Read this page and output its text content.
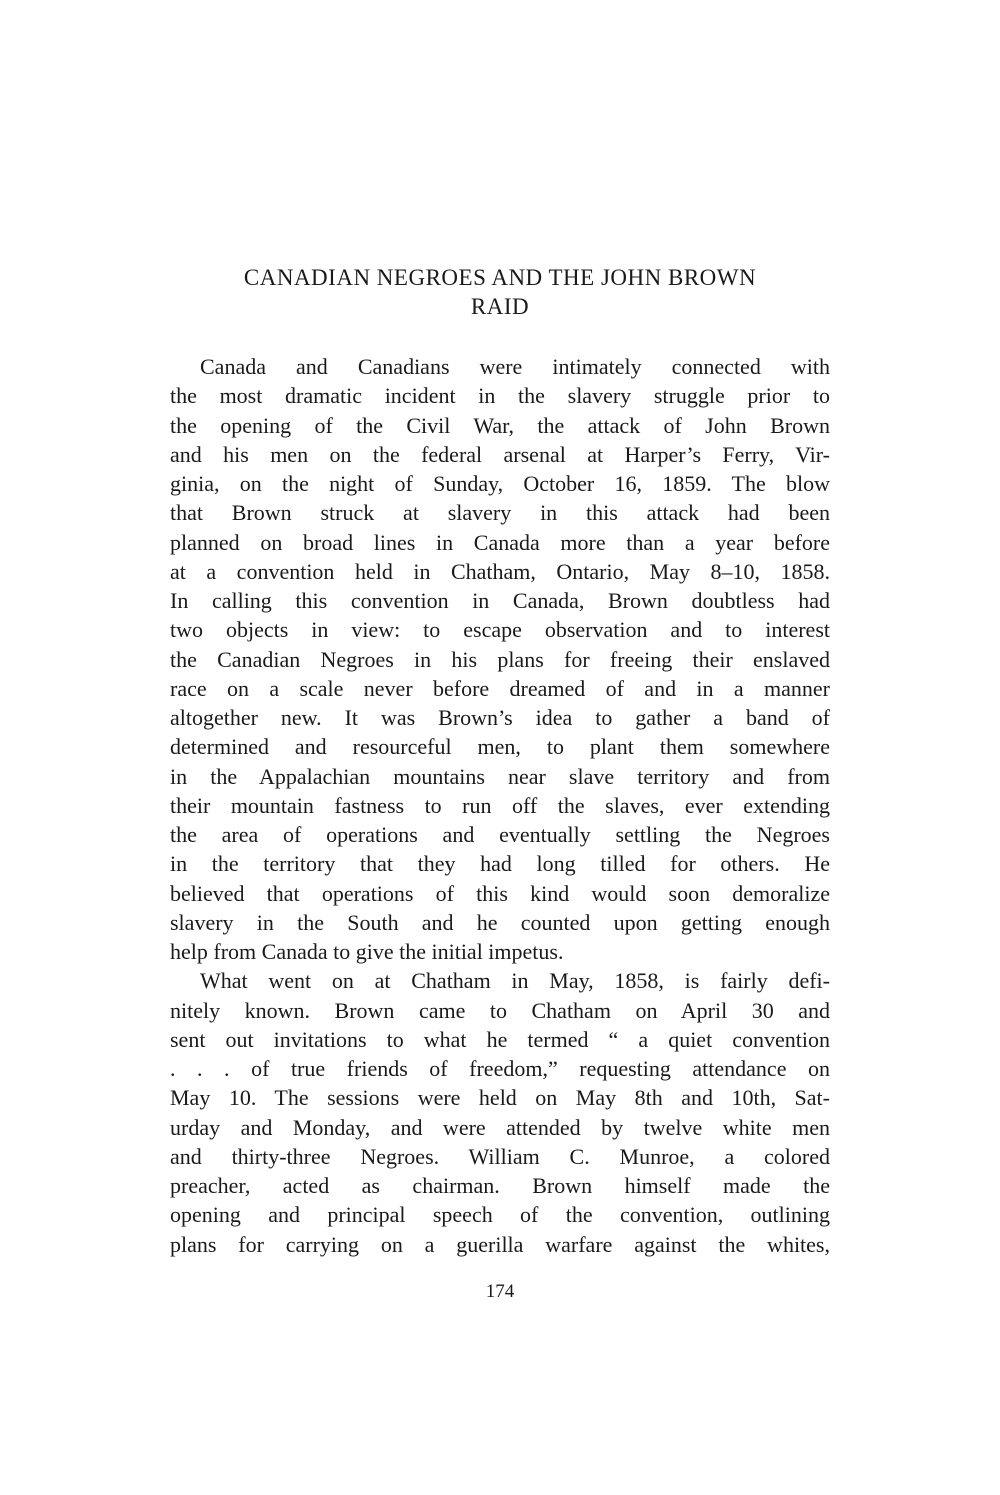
CANADIAN NEGROES AND THE JOHN BROWN
RAID
Canada and Canadians were intimately connected with
the most dramatic incident in the slavery struggle prior to
the opening of the Civil War, the attack of John Brown
and his men on the federal arsenal at Harper’s Ferry, Vir-
ginia, on the night of Sunday, October 16, 1859. The blow
that Brown struck at slavery in this attack had been
planned on broad lines in Canada more than a year before
at a convention held in Chatham, Ontario, May 8–10, 1858.
In calling this convention in Canada, Brown doubtless had
two objects in view: to escape observation and to interest
the Canadian Negroes in his plans for freeing their enslaved
race on a scale never before dreamed of and in a manner
altogether new. It was Brown’s idea to gather a band of
determined and resourceful men, to plant them somewhere
in the Appalachian mountains near slave territory and from
their mountain fastness to run off the slaves, ever extending
the area of operations and eventually settling the Negroes
in the territory that they had long tilled for others. He
believed that operations of this kind would soon demoralize
slavery in the South and he counted upon getting enough
help from Canada to give the initial impetus.
What went on at Chatham in May, 1858, is fairly defi-
nitely known. Brown came to Chatham on April 30 and
sent out invitations to what he termed “ a quiet convention
. . . of true friends of freedom,” requesting attendance on
May 10. The sessions were held on May 8th and 10th, Sat-
urday and Monday, and were attended by twelve white men
and thirty-three Negroes. William C. Munroe, a colored
preacher, acted as chairman. Brown himself made the
opening and principal speech of the convention, outlining
plans for carrying on a guerilla warfare against the whites,
174
